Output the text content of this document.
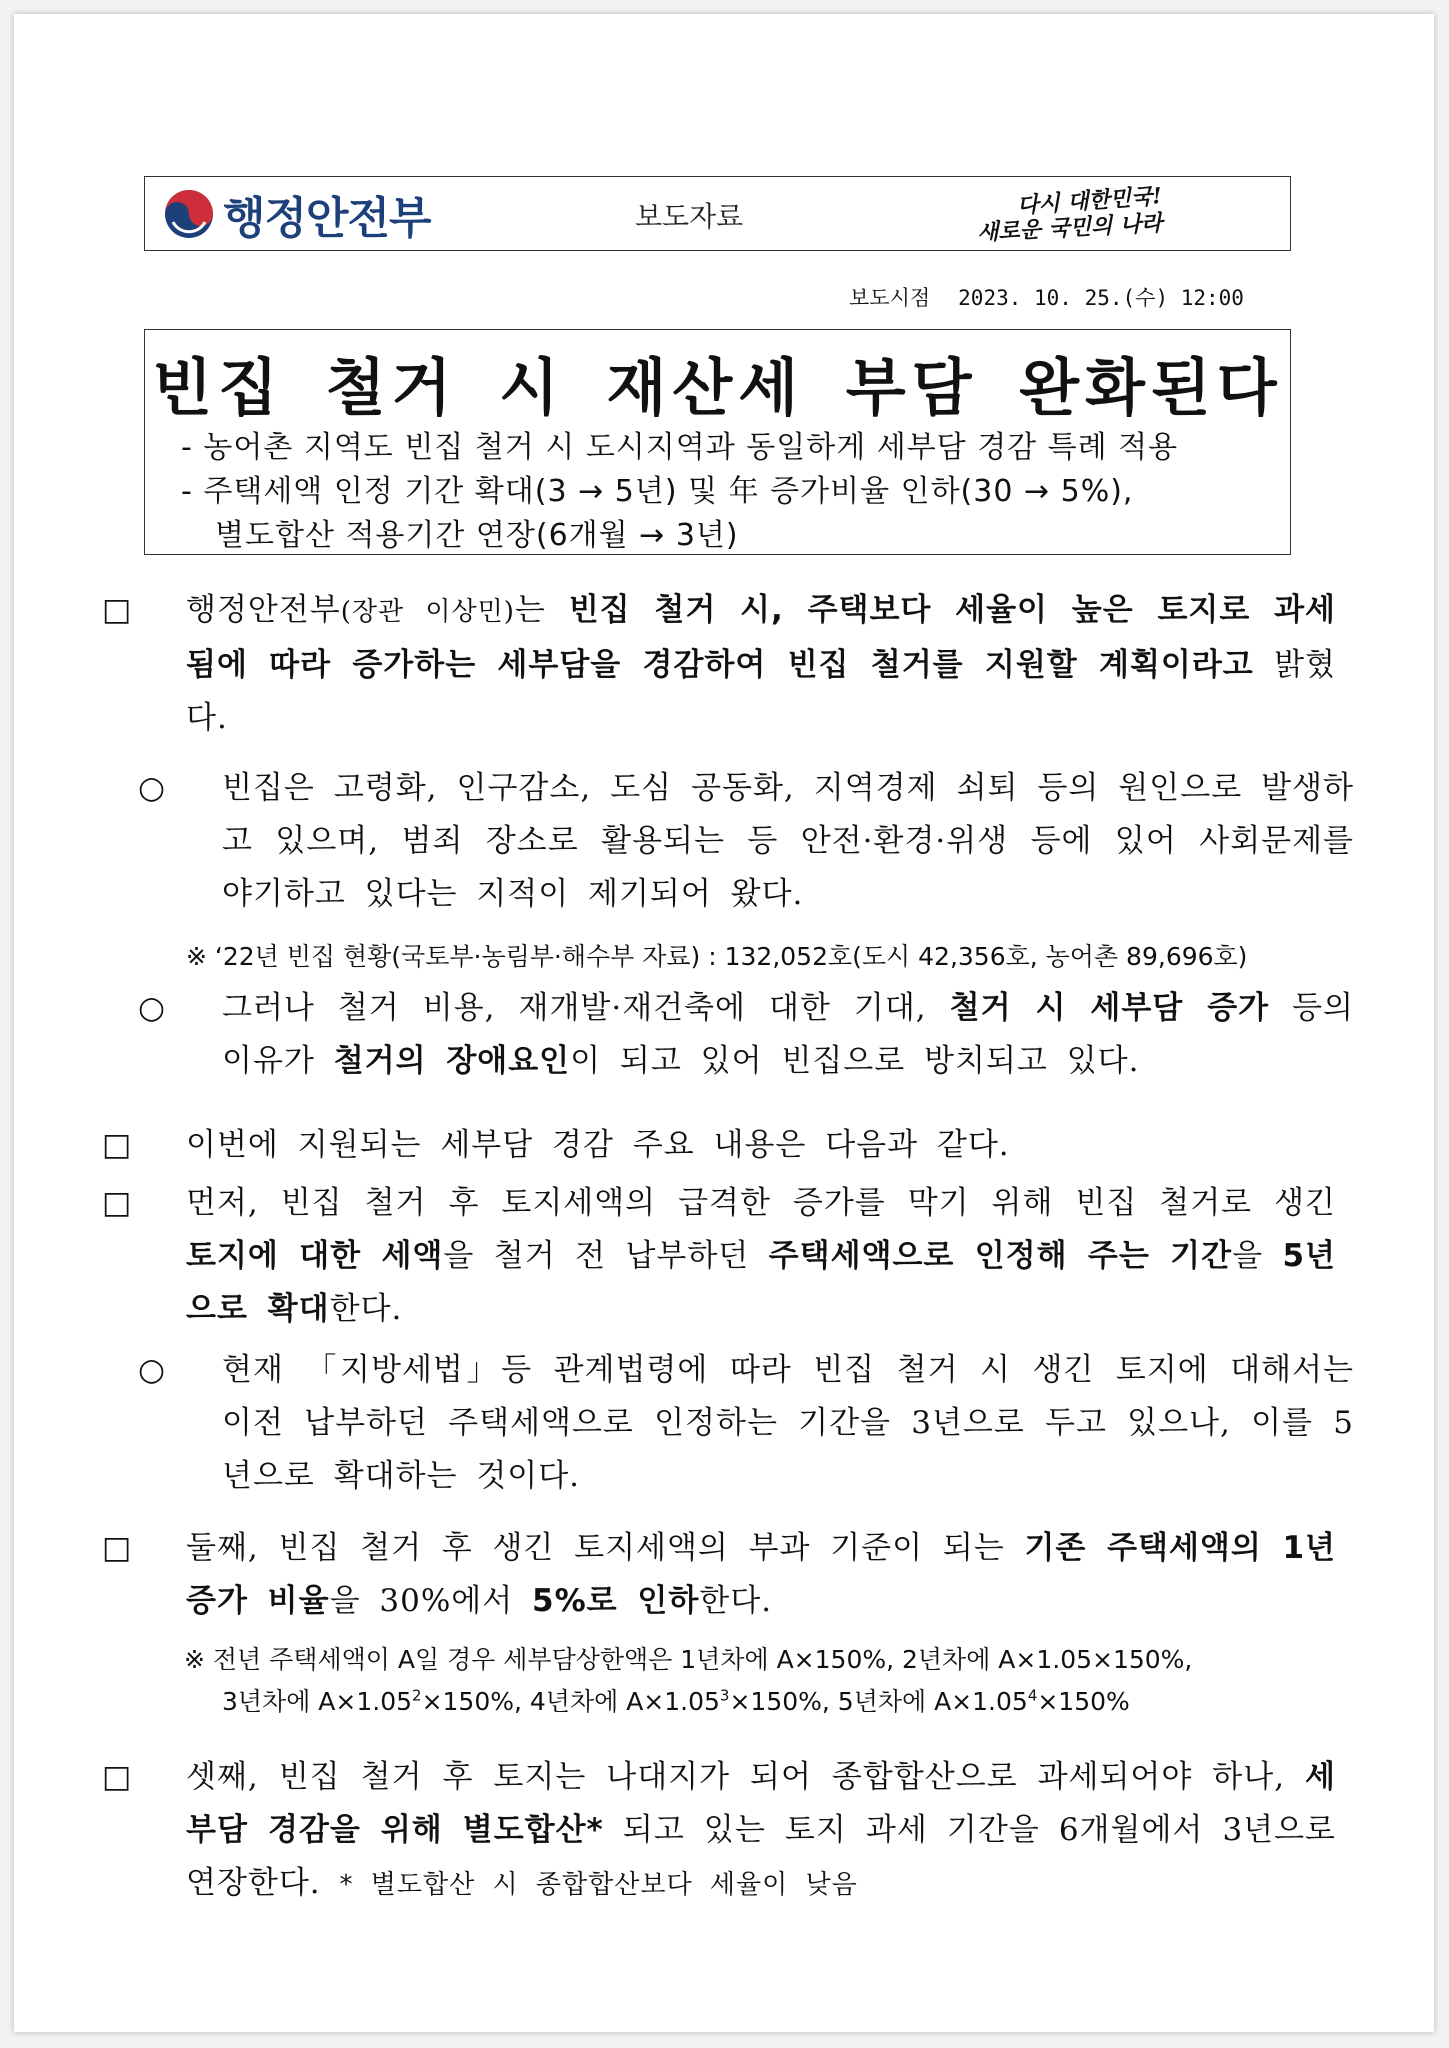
행정안전부	보도자료	다시 대한민국!
새로운 국민의 나라
보도시점 2023. 10. 25.(수) 12:00
빈집 철거 시 재산세 부담 완화된다
- 농어촌 지역도 빈집 철거 시 도시지역과 동일하게 세부담 경감 특례 적용
- 주택세액 인정 기간 확대(3 → 5년) 및 年 증가비율 인하(30 → 5%),
별도합산 적용기간 연장(6개월 → 3년)
□ 행정안전부(장관 이상민)는 빈집 철거 시, 주택보다 세율이 높은 토지로 과세 됨에 따라 증가하는 세부담을 경감하여 빈집 철거를 지원할 계획이라고 밝혔다.
○ 빈집은 고령화, 인구감소, 도심 공동화, 지역경제 쇠퇴 등의 원인으로 발생하고 있으며, 범죄 장소로 활용되는 등 안전·환경·위생 등에 있어 사회문제를 야기하고 있다는 지적이 제기되어 왔다.
※ ‘22년 빈집 현황(국토부·농림부·해수부 자료) : 132,052호(도시 42,356호, 농어촌 89,696호)
○ 그러나 철거 비용, 재개발·재건축에 대한 기대, 철거 시 세부담 증가 등의 이유가 철거의 장애요인이 되고 있어 빈집으로 방치되고 있다.
□ 이번에 지원되는 세부담 경감 주요 내용은 다음과 같다.
□ 먼저, 빈집 철거 후 토지세액의 급격한 증가를 막기 위해 빈집 철거로 생긴 토지에 대한 세액을 철거 전 납부하던 주택세액으로 인정해 주는 기간을 5년으로 확대한다.
○ 현재 「지방세법」등 관계법령에 따라 빈집 철거 시 생긴 토지에 대해서는 이전 납부하던 주택세액으로 인정하는 기간을 3년으로 두고 있으나, 이를 5년으로 확대하는 것이다.
□ 둘째, 빈집 철거 후 생긴 토지세액의 부과 기준이 되는 기존 주택세액의 1년 증가 비율을 30%에서 5%로 인하한다.
※ 전년 주택세액이 A일 경우 세부담상한액은 1년차에 A×150%, 2년차에 A×1.05×150%,
3년차에 $A\times 1.05^2\times 150\%$, 4년차에 $A\times 1.05^3\times 150\%$, 5년차에 $A\times 1.05^4\times 150\%$
□ 셋째, 빈집 철거 후 토지는 나대지가 되어 종합합산으로 과세되어야 하나, 세부담 경감을 위해 별도합산* 되고 있는 토지 과세 기간을 6개월에서 3년으로 연장한다. * 별도합산 시 종합합산보다 세율이 낮음
